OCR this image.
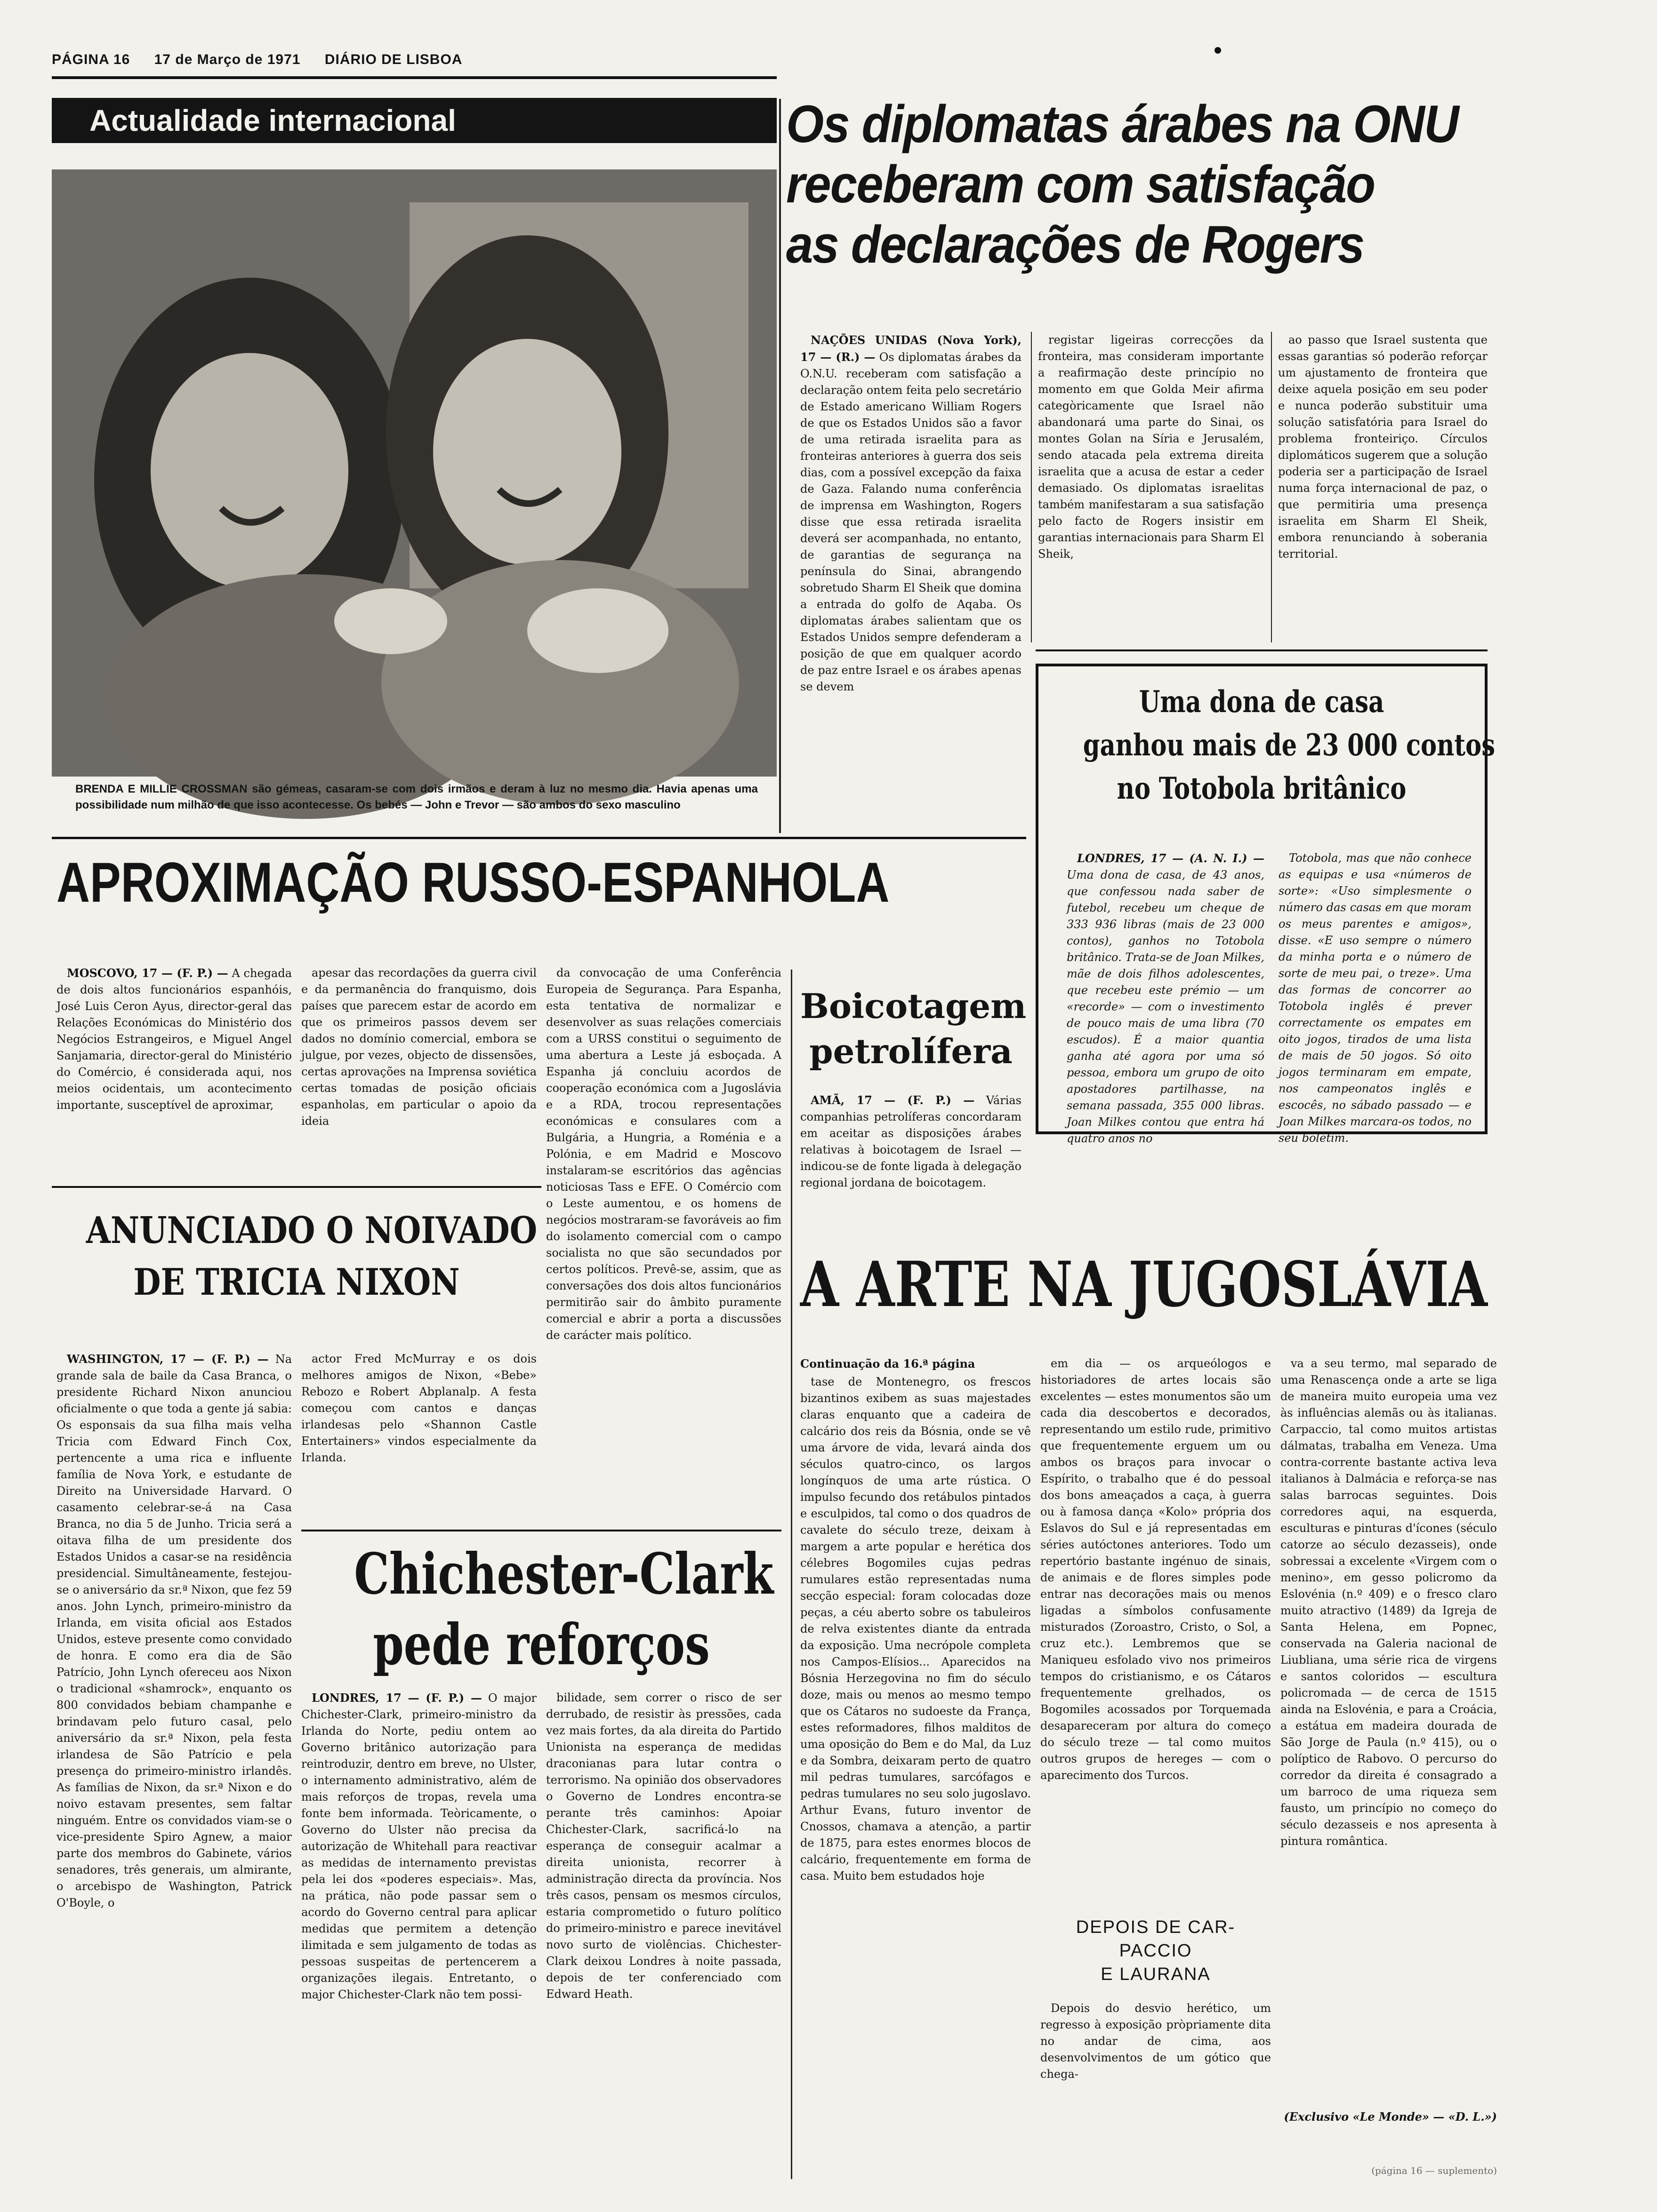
PÁGINA 16 17 de Março de 1971 DIÁRIO DE LISBOA
Actualidade internacional
BRENDA E MILLIE CROSSMAN são gémeas, casaram-se com dois irmãos e deram à luz no mesmo dia. Havia apenas uma possibilidade num milhão de que isso acontecesse. Os bebés — John e Trevor — são ambos do sexo masculino
Os diplomatas árabes na ONU
receberam com satisfação
as declarações de Rogers

NAÇÕES UNIDAS (Nova York), 17 — (R.) — Os diplomatas árabes da O.N.U. receberam com satisfação a declaração ontem feita pelo secretário de Estado americano William Rogers de que os Estados Unidos são a favor de uma retirada israelita para as fronteiras anteriores à guerra dos seis dias, com a possível excepção da faixa de Gaza. Falando numa conferência de imprensa em Washington, Rogers disse que essa retirada israelita deverá ser acompanhada, no entanto, de garantias de segurança na península do Sinai, abrangendo sobretudo Sharm El Sheik que domina a entrada do golfo de Aqaba. Os diplomatas árabes salientam que os Estados Unidos sempre defenderam a posição de que em qualquer acordo de paz entre Israel e os árabes apenas se devem

registar ligeiras correcções da fronteira, mas consideram importante a reafirmação deste princípio no momento em que Golda Meir afirma categòricamente que Israel não abandonará uma parte do Sinai, os montes Golan na Síria e Jerusalém, sendo atacada pela extrema direita israelita que a acusa de estar a ceder demasiado. Os diplomatas israelitas também manifestaram a sua satisfação pelo facto de Rogers insistir em garantias internacionais para Sharm El Sheik,

ao passo que Israel sustenta que essas garantias só poderão reforçar um ajustamento de fronteira que deixe aquela posição em seu poder e nunca poderão substituir uma solução satisfatória para Israel do problema fronteiriço. Círculos diplomáticos sugerem que a solução poderia ser a participação de Israel numa força internacional de paz, o que permitiria uma presença israelita em Sharm El Sheik, embora renunciando à soberania territorial.

Uma dona de casa
ganhou mais de 23 000 contos
no Totobola britânico

LONDRES, 17 — (A. N. I.) — Uma dona de casa, de 43 anos, que confessou nada saber de futebol, recebeu um cheque de 333 936 libras (mais de 23 000 contos), ganhos no Totobola britânico. Trata-se de Joan Milkes, mãe de dois filhos adolescentes, que recebeu este prémio — um «recorde» — com o investimento de pouco mais de uma libra (70 escudos). É a maior quantia ganha até agora por uma só pessoa, embora um grupo de oito apostadores partilhasse, na semana passada, 355 000 libras. Joan Milkes contou que entra há quatro anos no

Totobola, mas que não conhece as equipas e usa «números de sorte»: «Uso simplesmente o número das casas em que moram os meus parentes e amigos», disse. «E uso sempre o número da minha porta e o número de sorte de meu pai, o treze». Uma das formas de concorrer ao Totobola inglês é prever correctamente os empates em oito jogos, tirados de uma lista de mais de 50 jogos. Só oito jogos terminaram em empate, nos campeonatos inglês e escocês, no sábado passado — e Joan Milkes marcara-os todos, no seu boletim.

APROXIMAÇÃO RUSSO-ESPANHOLA

MOSCOVO, 17 — (F. P.) — A chegada de dois altos funcionários espanhóis, José Luis Ceron Ayus, director-geral das Relações Económicas do Ministério dos Negócios Estrangeiros, e Miguel Angel Sanjamaria, director-geral do Ministério do Comércio, é considerada aqui, nos meios ocidentais, um acontecimento importante, susceptível de aproximar,

apesar das recordações da guerra civil e da permanência do franquismo, dois países que parecem estar de acordo em que os primeiros passos devem ser dados no domínio comercial, embora se julgue, por vezes, objecto de dissensões, certas aprovações na Imprensa soviética certas tomadas de posição oficiais espanholas, em particular o apoio da ideia

da convocação de uma Conferência Europeia de Segurança. Para Espanha, esta tentativa de normalizar e desenvolver as suas relações comerciais com a URSS constitui o seguimento de uma abertura a Leste já esboçada. A Espanha já concluiu acordos de cooperação económica com a Jugoslávia e a RDA, trocou representações económicas e consulares com a Bulgária, a Hungria, a Roménia e a Polónia, e em Madrid e Moscovo instalaram-se escritórios das agências noticiosas Tass e EFE. O Comércio com o Leste aumentou, e os homens de negócios mostraram-se favoráveis ao fim do isolamento comercial com o campo socialista no que são secundados por certos políticos. Prevê-se, assim, que as conversações dos dois altos funcionários permitirão sair do âmbito puramente comercial e abrir a porta a discussões de carácter mais político.

Boicotagem
petrolífera

AMÃ, 17 — (F. P.) — Várias companhias petrolíferas concordaram em aceitar as disposições árabes relativas à boicotagem de Israel — indicou-se de fonte ligada à delegação regional jordana de boicotagem.

ANUNCIADO O NOIVADO
DE TRICIA NIXON

WASHINGTON, 17 — (F. P.) — Na grande sala de baile da Casa Branca, o presidente Richard Nixon anunciou oficialmente o que toda a gente já sabia: Os esponsais da sua filha mais velha Tricia com Edward Finch Cox, pertencente a uma rica e influente família de Nova York, e estudante de Direito na Universidade Harvard. O casamento celebrar-se-á na Casa Branca, no dia 5 de Junho. Tricia será a oitava filha de um presidente dos Estados Unidos a casar-se na residência presidencial. Simultâneamente, festejou-se o aniversário da sr.ª Nixon, que fez 59 anos. John Lynch, primeiro-ministro da Irlanda, em visita oficial aos Estados Unidos, esteve presente como convidado de honra. E como era dia de São Patrício, John Lynch ofereceu aos Nixon o tradicional «shamrock», enquanto os 800 convidados bebiam champanhe e brindavam pelo futuro casal, pelo aniversário da sr.ª Nixon, pela festa irlandesa de São Patrício e pela presença do primeiro-ministro irlandês. As famílias de Nixon, da sr.ª Nixon e do noivo estavam presentes, sem faltar ninguém. Entre os convidados viam-se o vice-presidente Spiro Agnew, a maior parte dos membros do Gabinete, vários senadores, três generais, um almirante, o arcebispo de Washington, Patrick O'Boyle, o

actor Fred McMurray e os dois melhores amigos de Nixon, «Bebe» Rebozo e Robert Abplanalp. A festa começou com cantos e danças irlandesas pelo «Shannon Castle Entertainers» vindos especialmente da Irlanda.

Chichester-Clark
pede reforços

LONDRES, 17 — (F. P.) — O major Chichester-Clark, primeiro-ministro da Irlanda do Norte, pediu ontem ao Governo britânico autorização para reintroduzir, dentro em breve, no Ulster, o internamento administrativo, além de mais reforços de tropas, revela uma fonte bem informada. Teòricamente, o Governo do Ulster não precisa da autorização de Whitehall para reactivar as medidas de internamento previstas pela lei dos «poderes especiais». Mas, na prática, não pode passar sem o acordo do Governo central para aplicar medidas que permitem a detenção ilimitada e sem julgamento de todas as pessoas suspeitas de pertencerem a organizações ilegais. Entretanto, o major Chichester-Clark não tem possi-

bilidade, sem correr o risco de ser derrubado, de resistir às pressões, cada vez mais fortes, da ala direita do Partido Unionista na esperança de medidas draconianas para lutar contra o terrorismo. Na opinião dos observadores o Governo de Londres encontra-se perante três caminhos: Apoiar Chichester-Clark, sacrificá-lo na esperança de conseguir acalmar a direita unionista, recorrer à administração directa da província. Nos três casos, pensam os mesmos círculos, estaria comprometido o futuro político do primeiro-ministro e parece inevitável novo surto de violências. Chichester-Clark deixou Londres à noite passada, depois de ter conferenciado com Edward Heath.

A ARTE NA JUGOSLÁVIA

Continuação da 16.ª página

tase de Montenegro, os frescos bizantinos exibem as suas majestades claras enquanto que a cadeira de calcário dos reis da Bósnia, onde se vê uma árvore de vida, levará ainda dos séculos quatro-cinco, os largos longínquos de uma arte rústica. O impulso fecundo dos retábulos pintados e esculpidos, tal como o dos quadros de cavalete do século treze, deixam à margem a arte popular e herética dos célebres Bogomiles cujas pedras rumulares estão representadas numa secção especial: foram colocadas doze peças, a céu aberto sobre os tabuleiros de relva existentes diante da entrada da exposição. Uma necrópole completa nos Campos-Elísios... Aparecidos na Bósnia Herzegovina no fim do século doze, mais ou menos ao mesmo tempo que os Cátaros no sudoeste da França, estes reformadores, filhos malditos de uma oposição do Bem e do Mal, da Luz e da Sombra, deixaram perto de quatro mil pedras tumulares, sarcófagos e pedras tumulares no seu solo jugoslavo. Arthur Evans, futuro inventor de Cnossos, chamava a atenção, a partir de 1875, para estes enormes blocos de calcário, frequentemente em forma de casa. Muito bem estudados hoje

em dia — os arqueólogos e historiadores de artes locais são excelentes — estes monumentos são um cada dia descobertos e decorados, representando um estilo rude, primitivo que frequentemente erguem um ou ambos os braços para invocar o Espírito, o trabalho que é do pessoal dos bons ameaçados a caça, à guerra ou à famosa dança «Kolo» própria dos Eslavos do Sul e já representadas em séries autóctones anteriores. Todo um repertório bastante ingénuo de sinais, de animais e de flores simples pode entrar nas decorações mais ou menos ligadas a símbolos confusamente misturados (Zoroastro, Cristo, o Sol, a cruz etc.). Lembremos que se Maniqueu esfolado vivo nos primeiros tempos do cristianismo, e os Cátaros frequentemente grelhados, os Bogomiles acossados por Torquemada desapareceram por altura do começo do século treze — tal como muitos outros grupos de hereges — com o aparecimento dos Turcos.

DEPOIS DE CAR-
PACCIO
E LAURANA

Depois do desvio herético, um regresso à exposição pròpriamente dita no andar de cima, aos desenvolvimentos de um gótico que chega-

va a seu termo, mal separado de uma Renascença onde a arte se liga de maneira muito europeia uma vez às influências alemãs ou às italianas. Carpaccio, tal como muitos artistas dálmatas, trabalha em Veneza. Uma contra-corrente bastante activa leva italianos à Dalmácia e reforça-se nas salas barrocas seguintes. Dois corredores aqui, na esquerda, esculturas e pinturas d'ícones (século catorze ao século dezasseis), onde sobressai a excelente «Virgem com o menino», em gesso policromo da Eslovénia (n.º 409) e o fresco claro muito atractivo (1489) da Igreja de Santa Helena, em Popnec, conservada na Galeria nacional de Liubliana, uma série rica de virgens e santos coloridos — escultura policromada — de cerca de 1515 ainda na Eslovénia, e para a Croácia, a estátua em madeira dourada de São Jorge de Paula (n.º 415), ou o políptico de Rabovo. O percurso do corredor da direita é consagrado a um barroco de uma riqueza sem fausto, um princípio no começo do século dezasseis e nos apresenta à pintura romântica.

(Exclusivo «Le Monde» — «D. L.»)
(página 16 — suplemento)
